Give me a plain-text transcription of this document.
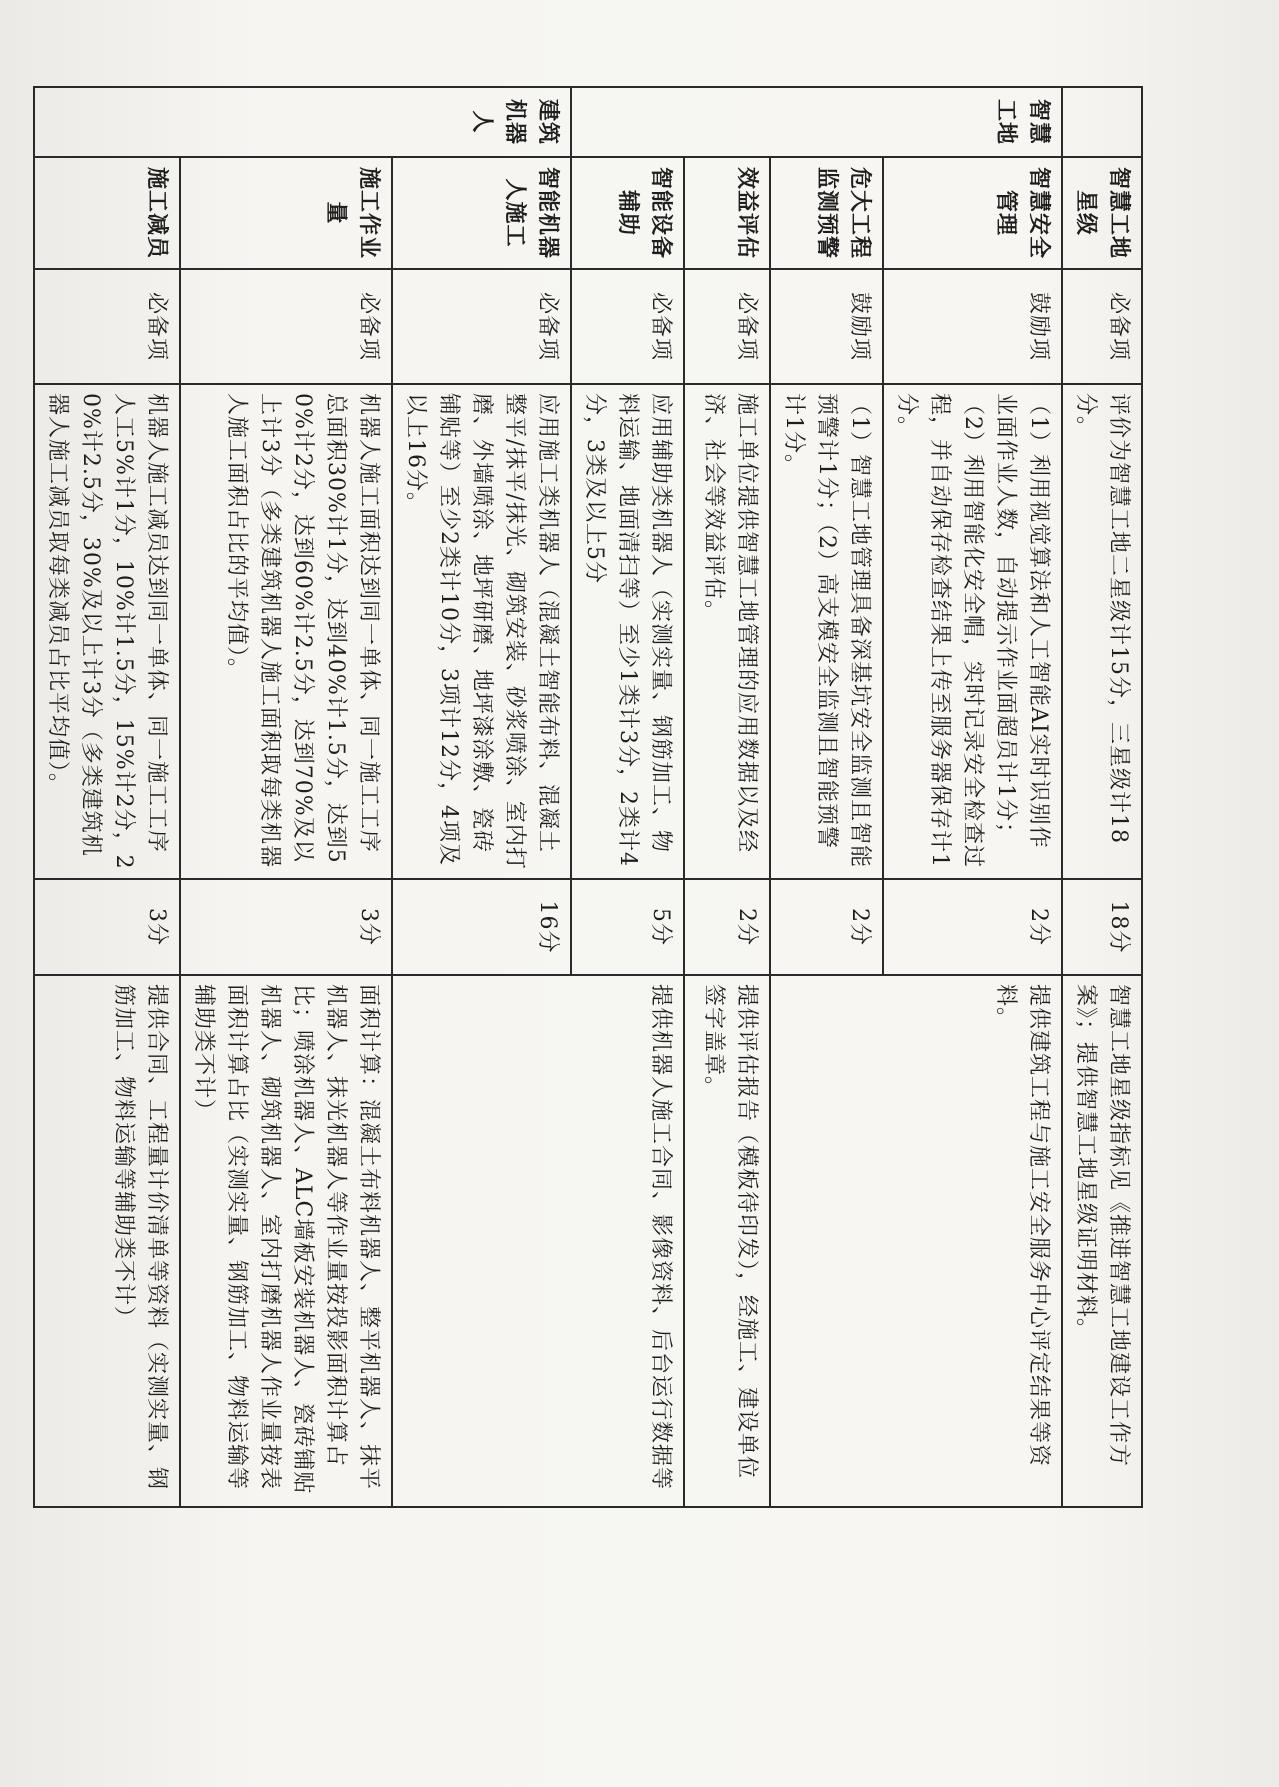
	智慧工地星级	必备项	评价为智慧工地二星级计15分，三星级计18分。	18分	智慧工地星级指标见《推进智慧工地建设工作方案》；提供智慧工地星级证明材料。
智慧工地	智慧安全管理	鼓励项	（1）利用视觉算法和人工智能AI实时识别作业面作业人数，自动提示作业面超员计1分；（2）利用智能化安全帽，实时记录安全检查过程，并自动保存检查结果上传至服务器保存计1分。	2分	提供建筑工程与施工安全服务中心评定结果等资料。
	危大工程监测预警	鼓励项	（1）智慧工地管理具备深基坑安全监测且智能预警计1分；（2）高支模安全监测且智能预警计1分。	2分	
	效益评估	必备项	施工单位提供智慧工地管理的应用数据以及经济、社会等效益评估。	2分	提供评估报告（模板待印发），经施工、建设单位签字盖章。
	智能设备辅助	必备项	应用辅助类机器人（实测实量、钢筋加工、物料运输、地面清扫等）至少1类计3分，2类计4分，3类及以上5分	5分	提供机器人施工合同、影像资料、后台运行数据等
建筑机器人	智能机器人施工	必备项	应用施工类机器人（混凝土智能布料、混凝土整平/抹平/抹光、砌筑安装、砂浆喷涂、室内打磨、外墙喷涂、地坪研磨、地坪漆涂敷、瓷砖铺贴等）至少2类计10分，3项计12分，4项及以上16分。	16分	
	施工作业量	必备项	机器人施工面积达到同一单体、同一施工工序总面积30%计1分，达到40%计1.5分，达到50%计2分，达到60%计2.5分，达到70%及以上计3分（多类建筑机器人施工面积取每类机器人施工面积占比的平均值）。	3分	面积计算：混凝土布料机器人、整平机器人、抹平机器人、抹光机器人等作业量按投影面积计算占比；喷涂机器人、ALC墙板安装机器人、瓷砖铺贴机器人、砌筑机器人、室内打磨机器人作业量按表面积计算占比（实测实量、钢筋加工、物料运输等辅助类不计）
	施工减员	必备项	机器人施工减员达到同一单体、同一施工工序人工5%计1分，10%计1.5分，15%计2分，20%计2.5分，30%及以上计3分（多类建筑机器人施工减员取每类减员占比平均值）。	3分	提供合同、工程量计价清单等资料（实测实量、钢筋加工、物料运输等辅助类不计）
